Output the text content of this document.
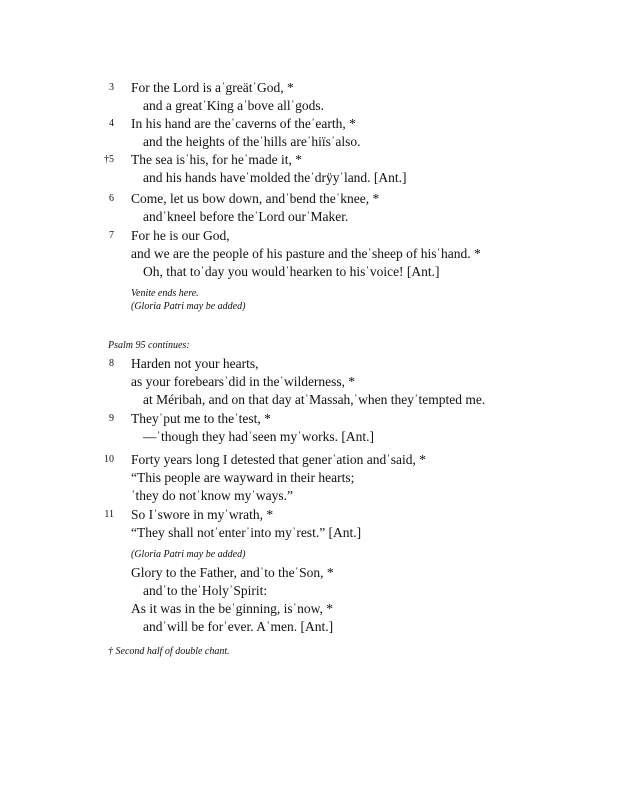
3 For the Lord is aˈgreätˈGod, *
and a greatˈKing aˈbove allˈgods.
4 In his hand are theˈcaverns of theˈearth, *
and the heights of theˈhills areˈhiïsˈalso.
†5 The sea isˈhis, for heˈmade it, *
and his hands haveˈmolded theˈdrÿyˈland. [Ant.]
6 Come, let us bow down, andˈbend theˈknee, *
andˈkneel before theˈLord ourˈMaker.
7 For he is our God,
and we are the people of his pasture and theˈsheep of hisˈhand. *
Oh, that toˈday you wouldˈhearken to hisˈvoice! [Ant.]
Venite ends here.
(Gloria Patri may be added)
Psalm 95 continues:
8 Harden not your hearts,
as your forebearsˈdid in theˈwilderness, *
at Méribah, and on that day atˈMassah,ˈwhen theyˈtempted me.
9 Theyˈput me to theˈtest, *
—ˈthough they hadˈseen myˈworks. [Ant.]
10 Forty years long I detested that generˈation andˈsaid, *
“This people are wayward in their hearts;
ˈthey do notˈknow myˈways.”
11 So Iˈswore in myˈwrath, *
“They shall notˈenterˈinto myˈrest.” [Ant.]
(Gloria Patri may be added)
Glory to the Father, andˈto theˈSon, *
andˈto theˈHolyˈSpirit:
As it was in the beˈginning, isˈnow, *
andˈwill be forˈever. Aˈmen. [Ant.]
† Second half of double chant.
